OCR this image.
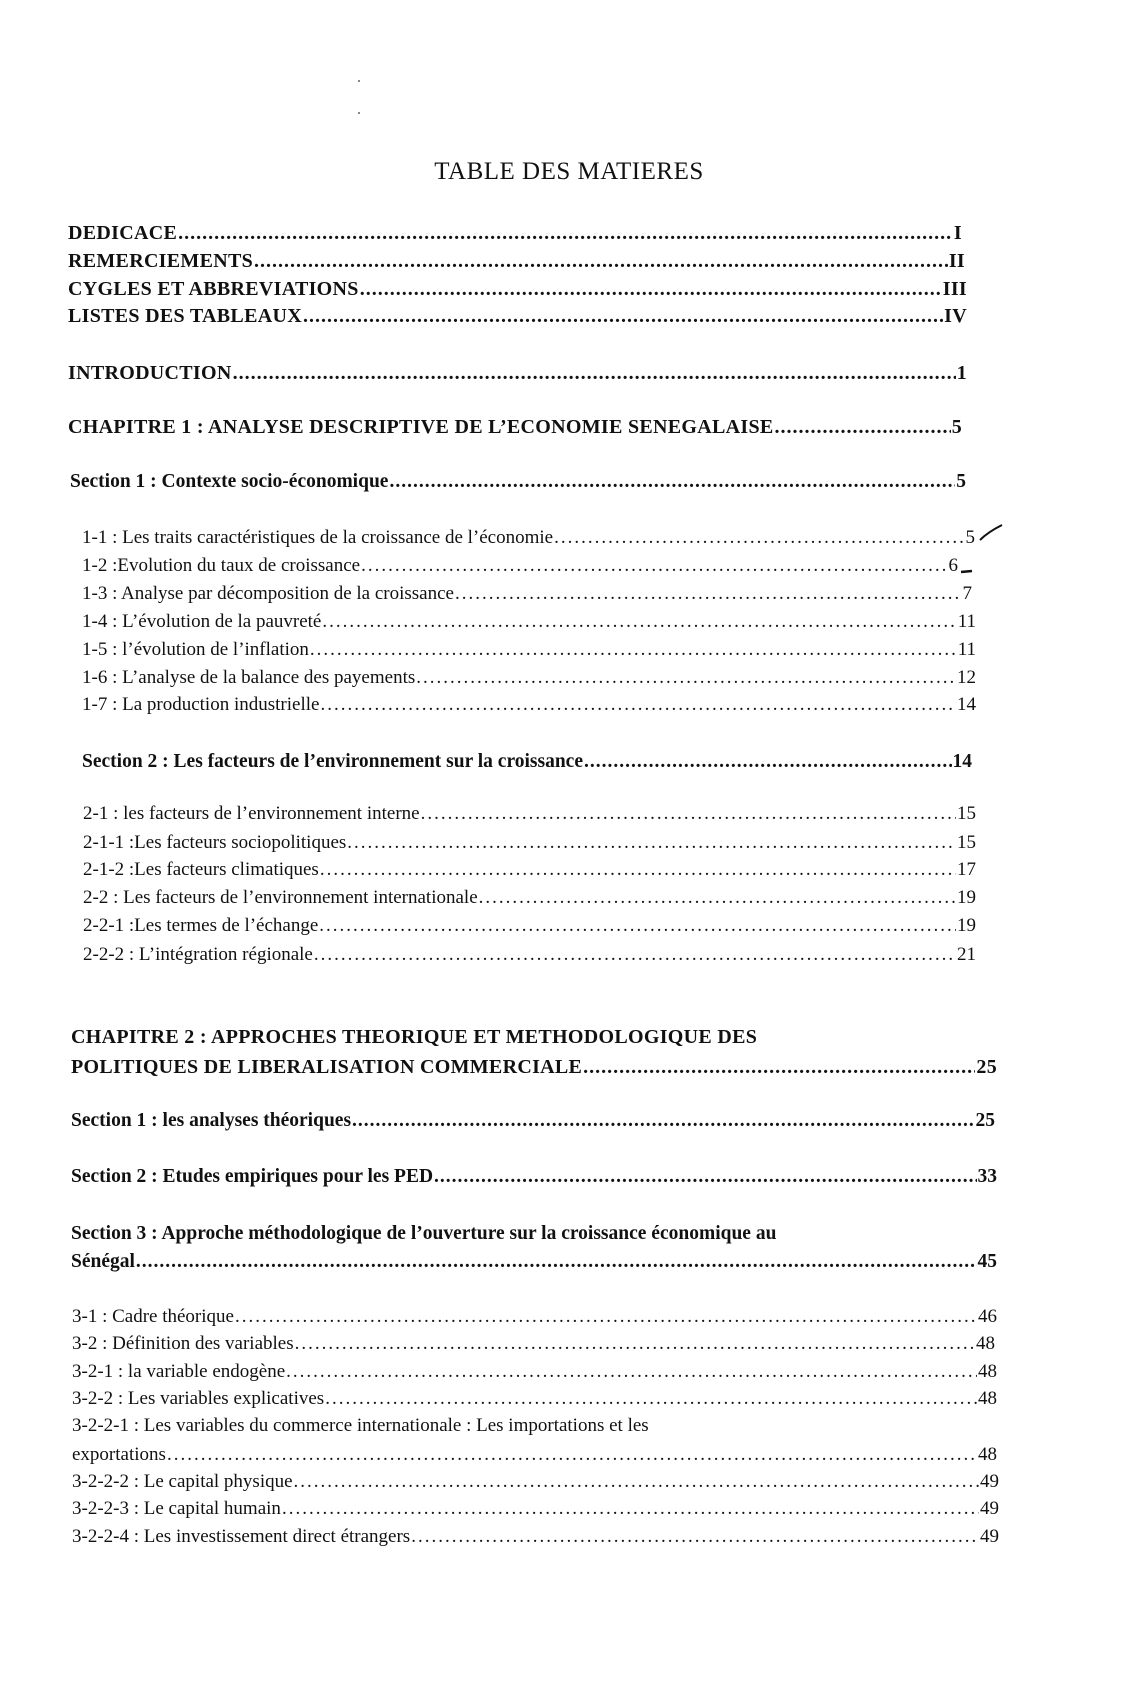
TABLE DES MATIERES
DEDICACE .....	I
REMERCIEMENTS .....	II
CYGLES ET ABBREVIATIONS .....	III
LISTES DES TABLEAUX .....	IV
INTRODUCTION .....	1
CHAPITRE 1 : ANALYSE DESCRIPTIVE DE L’ECONOMIE SENEGALAISE .....	5
Section 1 : Contexte socio-économique .....	5
1-1 : Les traits caractéristiques de la croissance de l’économie .....	5
1-2 :Evolution du taux de croissance .....	6
1-3 : Analyse par décomposition de la croissance .....	7
1-4 : L’évolution de la pauvreté .....	11
1-5 : l’évolution de l’inflation .....	11
1-6 : L’analyse de la balance des payements .....	12
1-7 : La production industrielle .....	14
Section 2 : Les facteurs de l’environnement sur la croissance .....	14
2-1 : les facteurs de l’environnement interne .....	15
2-1-1 :Les facteurs sociopolitiques .....	15
2-1-2 :Les facteurs climatiques .....	17
2-2 : Les facteurs de l’environnement internationale .....	19
2-2-1 :Les termes de l’échange .....	19
2-2-2 : L’intégration régionale .....	21
CHAPITRE 2 : APPROCHES THEORIQUE ET METHODOLOGIQUE DES
POLITIQUES DE LIBERALISATION COMMERCIALE .....	25
Section 1 : les analyses théoriques .....	25
Section 2 : Etudes empiriques pour les PED .....	33
Section 3 : Approche méthodologique de l’ouverture sur la croissance économique au
Sénégal .....	45
3-1 : Cadre théorique .....	46
3-2 : Définition des variables .....	48
3-2-1 : la variable endogène .....	48
3-2-2 : Les variables explicatives .....	48
3-2-2-1 : Les variables du commerce internationale : Les importations et les
exportations .....	48
3-2-2-2 : Le capital physique .....	49
3-2-2-3 : Le capital humain .....	49
3-2-2-4 : Les investissement direct étrangers .....	49
